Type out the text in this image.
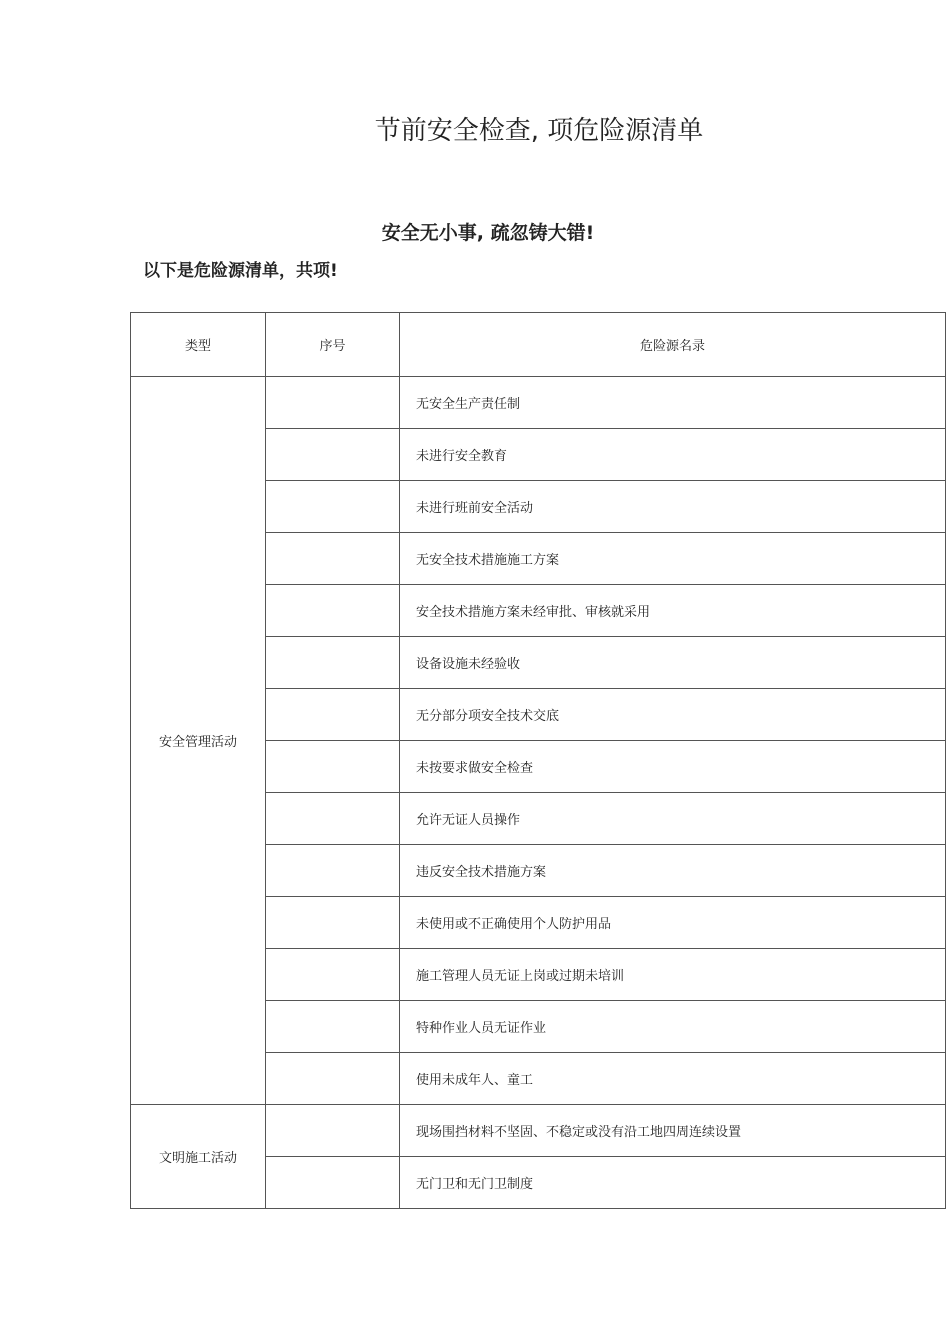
节前安全检查, 项危险源清单
安全无小事, 疏忽铸大错!
以下是危险源清单，共项!
类型	序号	危险源名录
安全管理活动		无安全生产责任制
		未进行安全教育
		未进行班前安全活动
		无安全技术措施施工方案
		安全技术措施方案未经审批、审核就采用
		设备设施未经验收
		无分部分项安全技术交底
		未按要求做安全检查
		允许无证人员操作
		违反安全技术措施方案
		未使用或不正确使用个人防护用品
		施工管理人员无证上岗或过期未培训
		特种作业人员无证作业
		使用未成年人、童工
文明施工活动		现场围挡材料不坚固、不稳定或没有沿工地四周连续设置
		无门卫和无门卫制度
